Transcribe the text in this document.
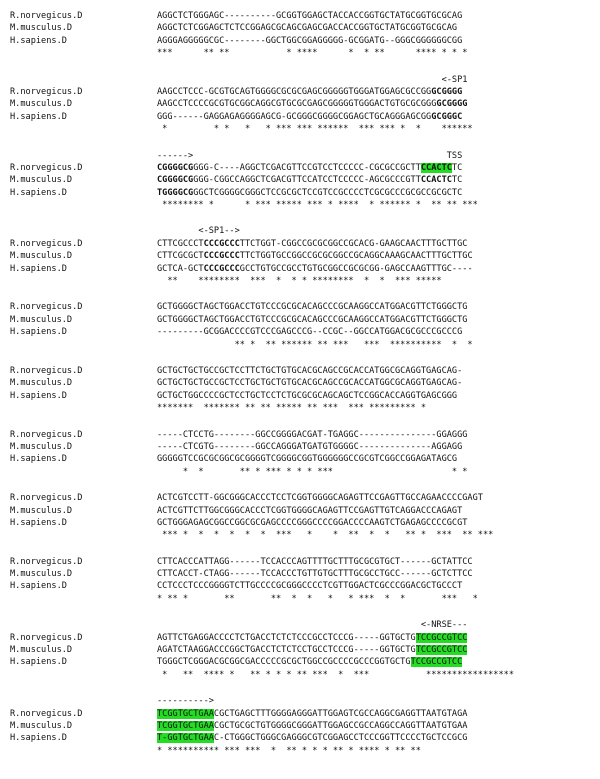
R.norvegicus.D	AGGCTCTGGGAGC----------GCGGTGGAGCTACCACCGGTGCTATGCGGTGCGCAG
M.musculus.D	AGGCTCTCGGAGCTCTCCGGAGCGCAGCGAGCGACCACCGGTGCTATGCGGTGCGCAG
H.sapiens.D	AGGGAGGGGGCGC--------GGCTGGCGGAGGGGG-GCGGATG--GGGCGGGGGGCGG
***      ** **           * ****      *  * **      **** * * *
<-SP1
R.norvegicus.D	AAGCCTCCC-GCGTGCAGTGGGGCGCGCGAGCGGGGGTGGGATGGAGCGCCGGGCGGGG
M.musculus.D	AAGCCTCCCCGCGTGCGGCAGGCGTGCGCGAGCGGGGGTGGGACTGTGCGCGGGGCGGGG
H.sapiens.D	GGG------GAGGAGAGGGGAGCG-GCGGGCGGGGCGGAGCTGCAGGGAGCGGGCGGGC
*         * *   *   * *** *** ******  *** *** *  *    ******
------>                                                 TSS
R.norvegicus.D	CGGGGCGGGG-C----AGGCTCGACGTTCCGTCCTCCCCC-CGCGCCGCTTCCACTCTC
M.musculus.D	CGGGGCGGGG-CGGCCAGGCTCGACGTTCCATCCTCCCCC-AGCGCCCGTTCCACTCTC
H.sapiens.D	TGGGGCGGGCTCGGGGCGGGCTCCGCGCTCCGTCCGCCCCTCGCGCCCGCGCCGCGCTC
******** *      * *** ***** *** * ****  * ****** *  ** ** ***
<-SP1-->
R.norvegicus.D	CTTCGCCCTCCCGCCCTTCTGGT-CGGCCGCGCGGCCGCACG-GAAGCAACTTTGCTTGC
M.musculus.D	CTTCGCGCTCCCGCCCTTCTGGTGCCGGCCGCGCGGCCGCAGGCAAAGCAACTTTGCTTGC
H.sapiens.D	GCTCA-GCTCCCGCCCGCCTGTGCCGCCTGTGCGGCCGCGCGG-GAGCCAAGTTTGC----
**    ********  ***  *  * * ********  *  *  *** *****
R.norvegicus.D	GCTGGGGCTAGCTGGACCTGTCCCGCGCACAGCCCGCAAGGCCATGGACGTTCTGGGCTG
M.musculus.D	GCTGGGGCTAGCTGGACCTGTCCCGCGCACAGCCCGCAAGGCCATGGACGTTCTGGGCTG
H.sapiens.D	---------GCGGACCCCGTCCCGAGCCCG--CCGC--GGCCATGGACGCGCCCGCCCG
** *  ** ****** ** ***   ***  **********  *  *
R.norvegicus.D	GCTGCTGCTGCCGCTCCTTCTGCTGTGCACGCAGCCGCACCATGGCGCAGGTGAGCAG-
M.musculus.D	GCTGCTGCTGCCGCTCCTGCTGCTGTGCACGCAGCCGCACCATGGCGCAGGTGAGCAG-
H.sapiens.D	GCTGCTGGCCCCGCTCCTGCTCCTCTGCGCGCAGCAGCTCCGGCACCAGGTGAGCGGG
*******  ******* ** ** ***** ** ***  *** ********* *
R.norvegicus.D	-----CTCCTG--------GGCCGGGGACGAT-TGAGGC---------------GGAGGG
M.musculus.D	-----CTCGTG--------GGCCAGGGATGATGTGGGGC--------------AGGAGG
H.sapiens.D	GGGGGTCCGCGCGGCGCGGGGTCGGGGCGGTGGGGGGCCGCGTCGGCCGGAGATAGCG
*  *       ** * *** * * * ***                       * *
R.norvegicus.D	ACTCGTCCTT-GGCGGGCACCCTCCTCGGTGGGGCAGAGTTCCGAGTTGCCAGAACCCCGAGT
M.musculus.D	ACTCGTTCTTGGCGGGCACCCTCGGTGGGGCAGAGTTCCGAGTTGTCAGGACCCAGAGT
H.sapiens.D	GCTGGGAGAGCGGCCGGCGCGAGCCCCGGGCCCCGGACCCCAAGTCTGAGAGCCCCGCGT
*** *  *  *  *  *  *  ***   *    *  **  *  *   ** *  ***  ** ***
R.norvegicus.D	CTTCACCCATTAGG------TCCACCCAGTTTTGCTTTGCGCGTGCT------GCTATTCC
M.musculus.D	CTTCACCT-CTAGG------TCCACCCTGTTGTGCTTTGCGCCTGCC------GCTCTTCC
H.sapiens.D	CCTCCCTCCCGGGGTCTTGCCCCGCGGGCCCCTCGTTGGACTCGCCCGGACGCTGCCCT
* ** *       **       **  *  *   *   * ***  *  *       ***   *
<-NRSE---
R.norvegicus.D	AGTTCTGAGGACCCCTCTGACCTCTCTCCCGCCTCCCG-----GGTGCTGTCCGCCGTCC
M.musculus.D	AGATCTAAGGACCCGGCTGACCTCTCTCCTGCCTCCCG-----GGTGCTGTCCGCCGTCC
H.sapiens.D	TGGGCTCGGGACGCGGCGACCCCCGCGCTGGCCGCCCCGCCCGGTGCTGTCCGCCGTCC
*   **  **** *   ** * * * ** ***  *  ***           *****************
---------->
R.norvegicus.D	TCGGTGCTGAACGCTGAGCTTTGGGGAGGGATTGGAGTCGCCAGGCGAGGTTAATGTAGA
M.musculus.D	TCGGTGCTGAACGCTGCGCTGTGGGGCGGGATTGGAGCCGCCAGGCCAGGTTAATGTGAA
H.sapiens.D	T-GGTGCTGAAC-CTGGGCTGGGCGAGGGCGTCGGAGCCTCCCGGTTCCCCTGCTCCGCG
* ********** *** ***  *  ** * * * ** * **** * ** **
